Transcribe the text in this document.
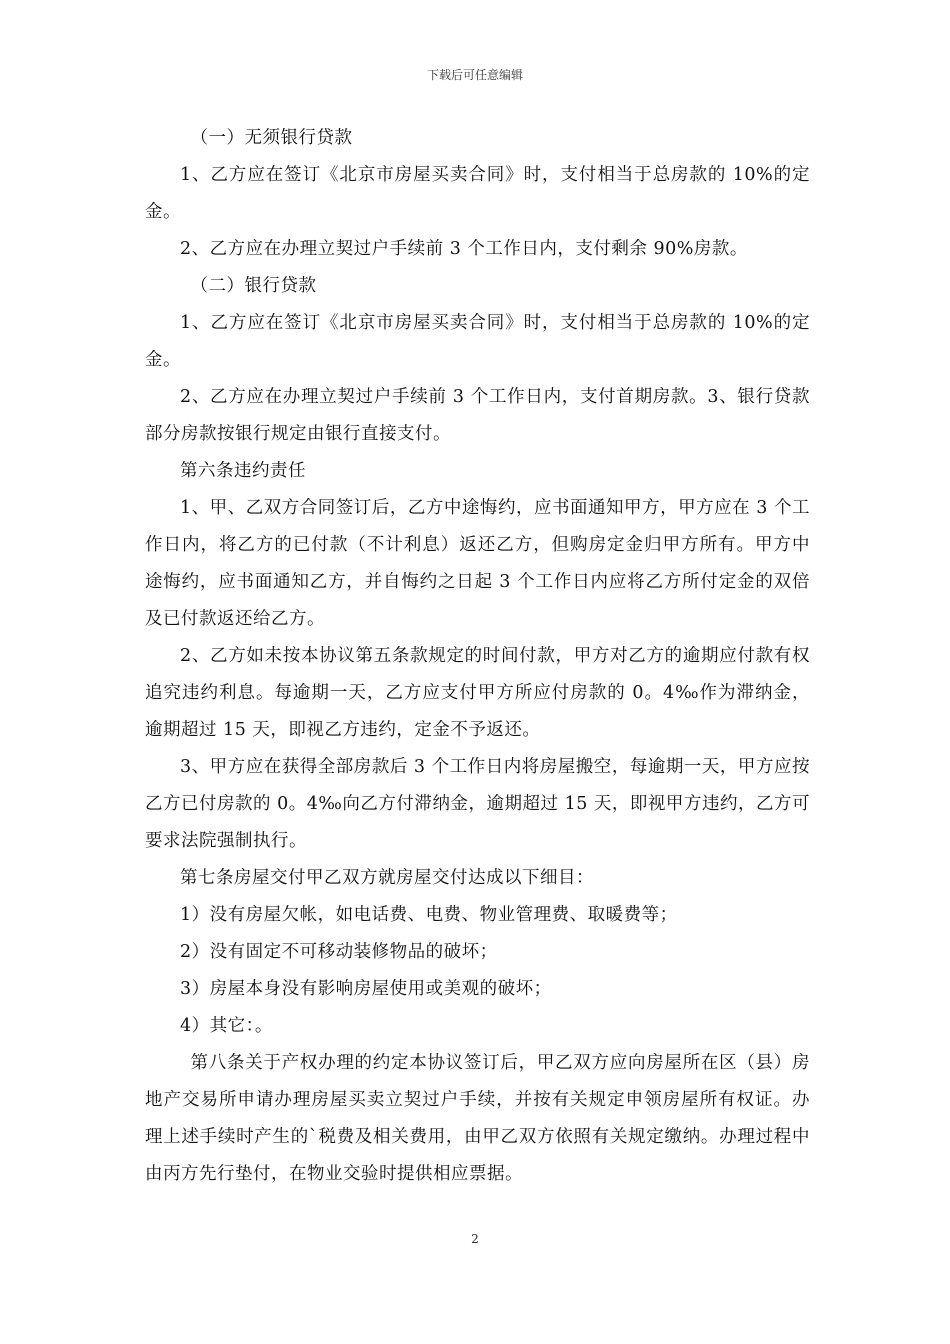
下载后可任意编辑

（一）无须银行贷款

1、乙方应在签订《北京市房屋买卖合同》时，支付相当于总房款的 10%的定金。

2、乙方应在办理立契过户手续前 3 个工作日内，支付剩余 90%房款。

（二）银行贷款

1、乙方应在签订《北京市房屋买卖合同》时，支付相当于总房款的 10%的定金。

2、乙方应在办理立契过户手续前 3 个工作日内，支付首期房款。3、银行贷款部分房款按银行规定由银行直接支付。

第六条违约责任

1、甲、乙双方合同签订后，乙方中途悔约，应书面通知甲方，甲方应在 3 个工作日内，将乙方的已付款（不计利息）返还乙方，但购房定金归甲方所有。甲方中途悔约，应书面通知乙方，并自悔约之日起 3 个工作日内应将乙方所付定金的双倍及已付款返还给乙方。

2、乙方如未按本协议第五条款规定的时间付款，甲方对乙方的逾期应付款有权追究违约利息。每逾期一天，乙方应支付甲方所应付房款的 0。4‰作为滞纳金，逾期超过 15 天，即视乙方违约，定金不予返还。

3、甲方应在获得全部房款后 3 个工作日内将房屋搬空，每逾期一天，甲方应按乙方已付房款的 0。4‰向乙方付滞纳金，逾期超过 15 天，即视甲方违约，乙方可要求法院强制执行。

第七条房屋交付甲乙双方就房屋交付达成以下细目：

1）没有房屋欠帐，如电话费、电费、物业管理费、取暖费等；

2）没有固定不可移动装修物品的破坏；

3）房屋本身没有影响房屋使用或美观的破坏；

4）其它：。

第八条关于产权办理的约定本协议签订后，甲乙双方应向房屋所在区（县）房地产交易所申请办理房屋买卖立契过户手续，并按有关规定申领房屋所有权证。办理上述手续时产生的`税费及相关费用，由甲乙双方依照有关规定缴纳。办理过程中由丙方先行垫付，在物业交验时提供相应票据。

2
